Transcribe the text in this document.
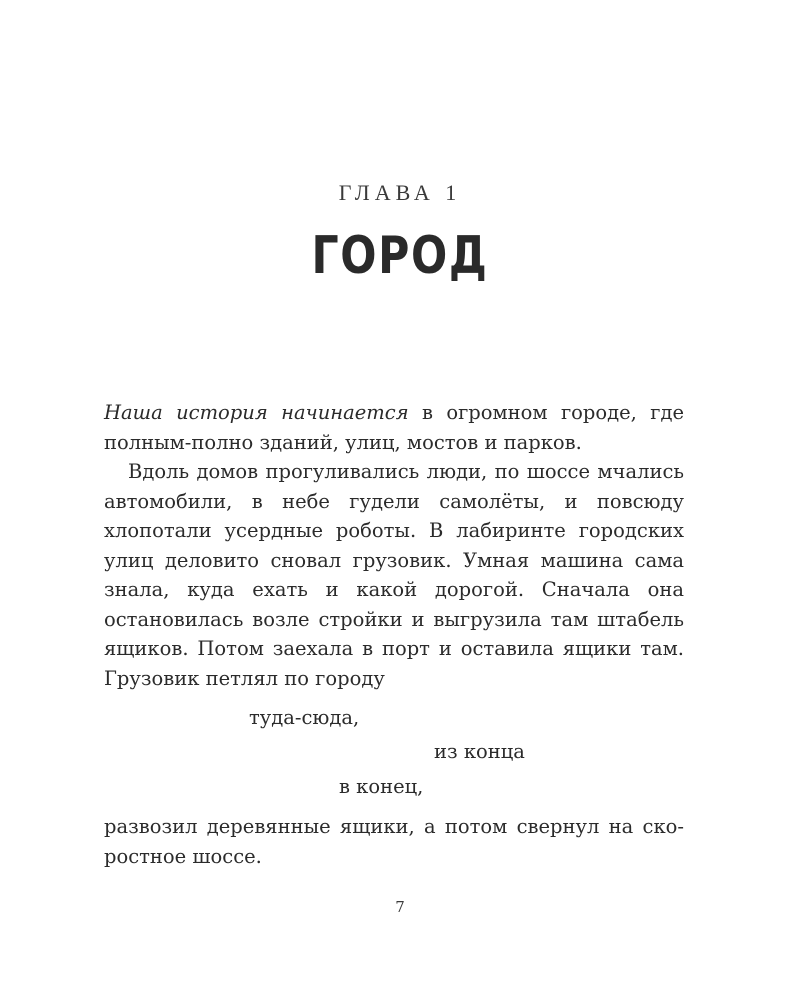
ГЛАВА 1
ГОРОД

Наша история начинается в огромном городе, где полным-полно зданий, улиц, мостов и парков.

Вдоль домов прогуливались люди, по шоссе мчались автомобили, в небе гудели самолёты, и повсюду хлопотали усердные роботы. В лабиринте городских улиц деловито сновал грузовик. Умная машина сама знала, куда ехать и какой дорогой. Сначала она остановилась возле стройки и выгрузила там штабель ящиков. Потом заехала в порт и оставила ящики там. Грузовик петлял по городу

туда-сюда,
из конца
в конец,

развозил деревянные ящики, а потом свернул на скоростное шоссе.

7
